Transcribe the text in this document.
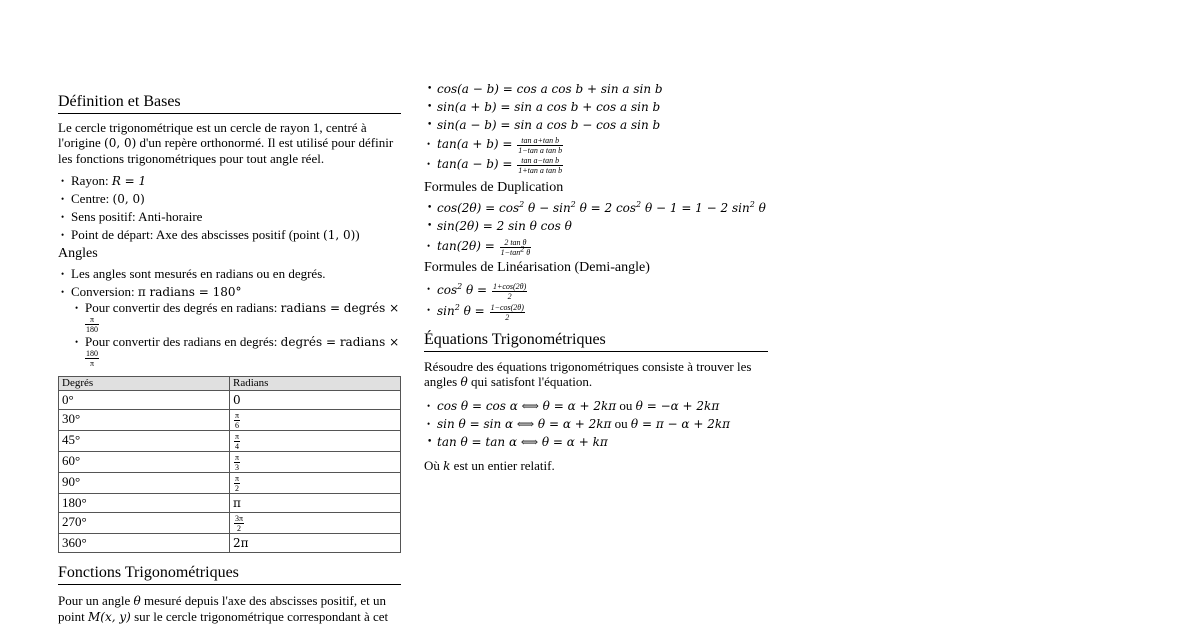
Définition et Bases

Le cercle trigonométrique est un cercle de rayon 1, centré à l'origine (0, 0) d'un repère orthonormé. Il est utilisé pour définir les fonctions trigonométriques pour tout angle réel.

• Rayon: R = 1
• Centre: (0, 0)
• Sens positif: Anti-horaire
• Point de départ: Axe des abscisses positif (point (1, 0))
Angles
• Les angles sont mesurés en radians ou en degrés.
• Conversion: π radians = 180°
• Pour convertir des degrés en radians: radians = degrés ×

$\frac{\pi}{180}$
• Pour convertir des radians en degrés: degrés = radians ×

$\frac{180}{\pi}$
Degrés	Radians
0°	0
30°	$\frac{\pi}{6}$

45°	$\frac{\pi}{4}$

60°	$\frac{\pi}{3}$

90°	$\frac{\pi}{2}$

180°	π
270°	$\frac{3\pi}{2}$

360°	2π
Fonctions Trigonométriques

Pour un angle θ mesuré depuis l'axe des abscisses positif, et un point M(x, y) sur le cercle trigonométrique correspondant à cet

• cos(a − b) = cos a cos b + sin a sin b
• sin(a + b) = sin a cos b + cos a sin b
• sin(a − b) = sin a cos b − cos a sin b
• $\tan(a + b) = \frac{\text{tan a+tan b}}{\text{1−tan a tan b}}$
• $\tan(a - b) = \frac{\text{tan a−tan b}}{\text{1+tan a tan b}}$
Formules de Duplication
• $\cos(2\theta) = \cos^2 \theta - \sin^2 \theta = 2$ $\cos^2 \theta - 1 = 1 - 2$ $\sin^2 \theta$
• sin(2θ) = 2 sin θ cos θ
• $\tan(2\theta) = \frac{\text{2 tan θ}}{1-\tan^2 \theta}$
Formules de Linéarisation (Demi-angle)
• $\cos^2 \theta = \frac{1+\cos(2\theta)}{2}$
• $\sin^2 \theta = \frac{1-\cos(2\theta)}{2}$
Équations Trigonométriques

Résoudre des équations trigonométriques consiste à trouver les angles θ qui satisfont l'équation.

• cos θ = cos α ⟺ θ = α + 2kπ ou θ = −α + 2kπ
• sin θ = sin α ⟺ θ = α + 2kπ ou θ = π − α + 2kπ
• tan θ = tan α ⟺ θ = α + kπ

Où k est un entier relatif.
